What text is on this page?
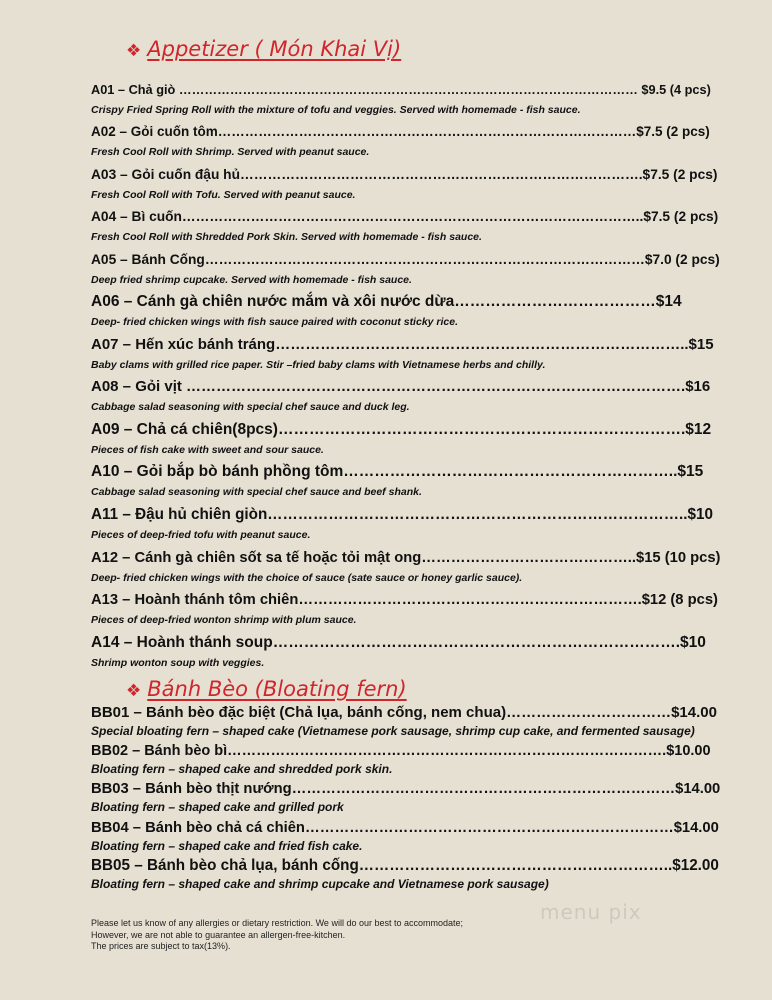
❖ Appetizer ( Món Khai Vị)
A01 – Chả giò ……………………………………………………………………………………………… $9.5 (4 pcs)
Crispy Fried Spring Roll with the mixture of tofu and veggies. Served with homemade - fish sauce.
A02 – Gỏi cuốn tôm…………………………………………………………………………………$7.5 (2 pcs)
Fresh Cool Roll with Shrimp. Served with peanut sauce.
A03 – Gỏi cuốn đậu hủ…………………………………………………………………………….$7.5 (2 pcs)
Fresh Cool Roll with Tofu. Served with peanut sauce.
A04 – Bì cuốn………………………………………………………………………………………..$7.5 (2 pcs)
Fresh Cool Roll with Shredded Pork Skin. Served with homemade - fish sauce.
A05 – Bánh Cống……………………………………………………………………………………$7.0 (2 pcs)
Deep fried shrimp cupcake. Served with homemade - fish sauce.
A06 – Cánh gà chiên nước mắm và xôi nước dừa…………………………………$14
Deep- fried chicken wings with fish sauce paired with coconut sticky rice.
A07 – Hến xúc bánh tráng………………………………………………………………………..$15
Baby clams with grilled rice paper. Stir –fried baby clams with Vietnamese herbs and chilly.
A08 – Gỏi vịt ……………………………………………………………………………………….$16
Cabbage salad seasoning with special chef sauce and duck leg.
A09 – Chả cá chiên(8pcs)…………………………………………………………………….$12
Pieces of fish cake with sweet and sour sauce.
A10 – Gỏi bắp bò bánh phồng tôm………………………………………………………..$15
Cabbage salad seasoning with special chef sauce and beef shank.
A11 – Đậu hủ chiên giòn………………………………………………………………………..$10
Pieces of deep-fried tofu with peanut sauce.
A12 – Cánh gà chiên sốt sa tế hoặc tỏi mật ong……………………………………..$15 (10 pcs)
Deep- fried chicken wings with the choice of sauce (sate sauce or honey garlic sauce).
A13 – Hoành thánh tôm chiên…………………………………………………………….$12 (8 pcs)
Pieces of deep-fried wonton shrimp with plum sauce.
A14 – Hoành thánh soup…………………………………………………………………….$10
Shrimp wonton soup with veggies.
❖ Bánh Bèo (Bloating fern)
BB01 – Bánh bèo đặc biệt (Chả lụa, bánh cống, nem chua)……………………………$14.00
Special bloating fern – shaped cake (Vietnamese pork sausage, shrimp cup cake, and fermented sausage)
BB02 – Bánh bèo bì……………………………………………………………………………….$10.00
Bloating fern – shaped cake and shredded pork skin.
BB03 – Bánh bèo thịt nướng……………………………………………………………………$14.00
Bloating fern – shaped cake and grilled pork
BB04 – Bánh bèo chả cá chiên…………………………………………………………………$14.00
Bloating fern – shaped cake and fried fish cake.
BB05 – Bánh bèo chả lụa, bánh cống……………………………………………………..$12.00
Bloating fern – shaped cake and shrimp cupcake and Vietnamese pork sausage)
menu pix
Please let us know of any allergies or dietary restriction. We will do our best to accommodate;
However, we are not able to guarantee an allergen-free-kitchen.
The prices are subject to tax(13%).
